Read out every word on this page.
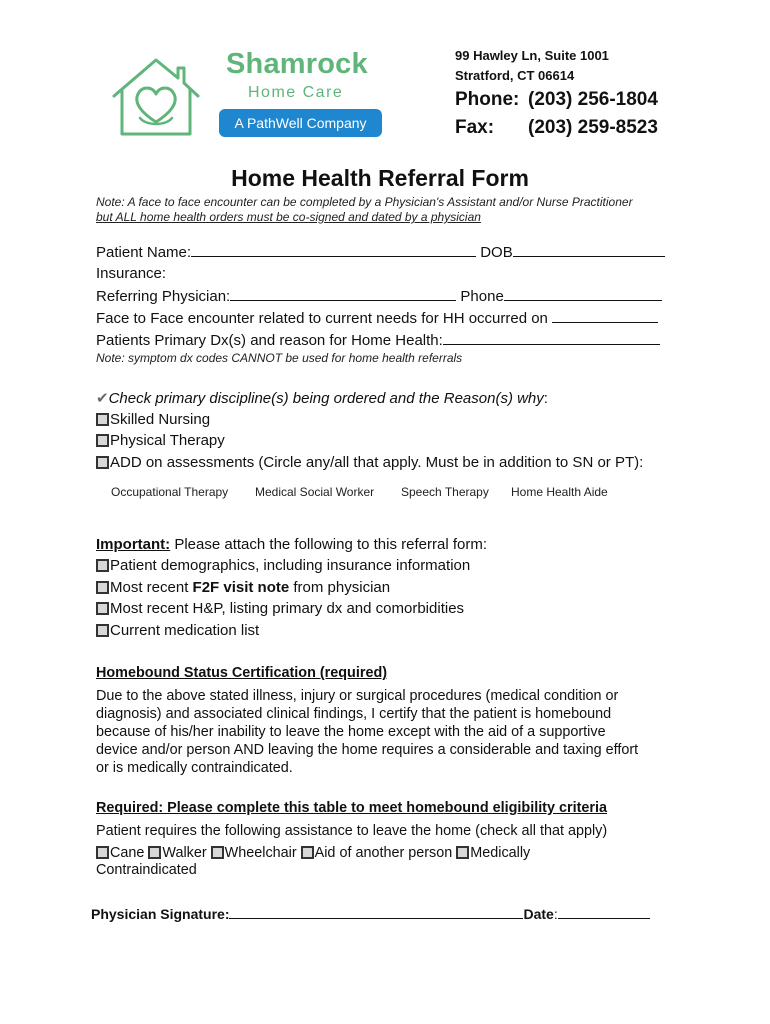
Shamrock
Home Care
A PathWell Company
99 Hawley Ln, Suite 1001
Stratford, CT 06614
Phone: (203) 256-1804
Fax: (203) 259-8523
Home Health Referral Form
Note: A face to face encounter can be completed by a Physician's Assistant and/or Nurse Practitioner
but ALL home health orders must be co-signed and dated by a physician
Patient Name:	DOB
Insurance:
Referring Physician:	Phone
Face to Face encounter related to current needs for HH occurred on
Patients Primary Dx(s) and reason for Home Health:
Note: symptom dx codes CANNOT be used for home health referrals
✔Check primary discipline(s) being ordered and the Reason(s) why:
Skilled Nursing
Physical Therapy
ADD on assessments (Circle any/all that apply. Must be in addition to SN or PT):
Occupational Therapy Medical Social Worker Speech Therapy Home Health Aide
Important: Please attach the following to this referral form:
Patient demographics, including insurance information
Most recent F2F visit note from physician
Most recent H&P, listing primary dx and comorbidities
Current medication list
Homebound Status Certification (required)
Due to the above stated illness, injury or surgical procedures (medical condition or
diagnosis) and associated clinical findings, I certify that the patient is homebound
because of his/her inability to leave the home except with the aid of a supportive
device and/or person AND leaving the home requires a considerable and taxing effort
or is medically contraindicated.
Required: Please complete this table to meet homebound eligibility criteria
Patient requires the following assistance to leave the home (check all that apply)
Cane Walker Wheelchair Aid of another person Medically
Contraindicated
Physician Signature:	Date:
